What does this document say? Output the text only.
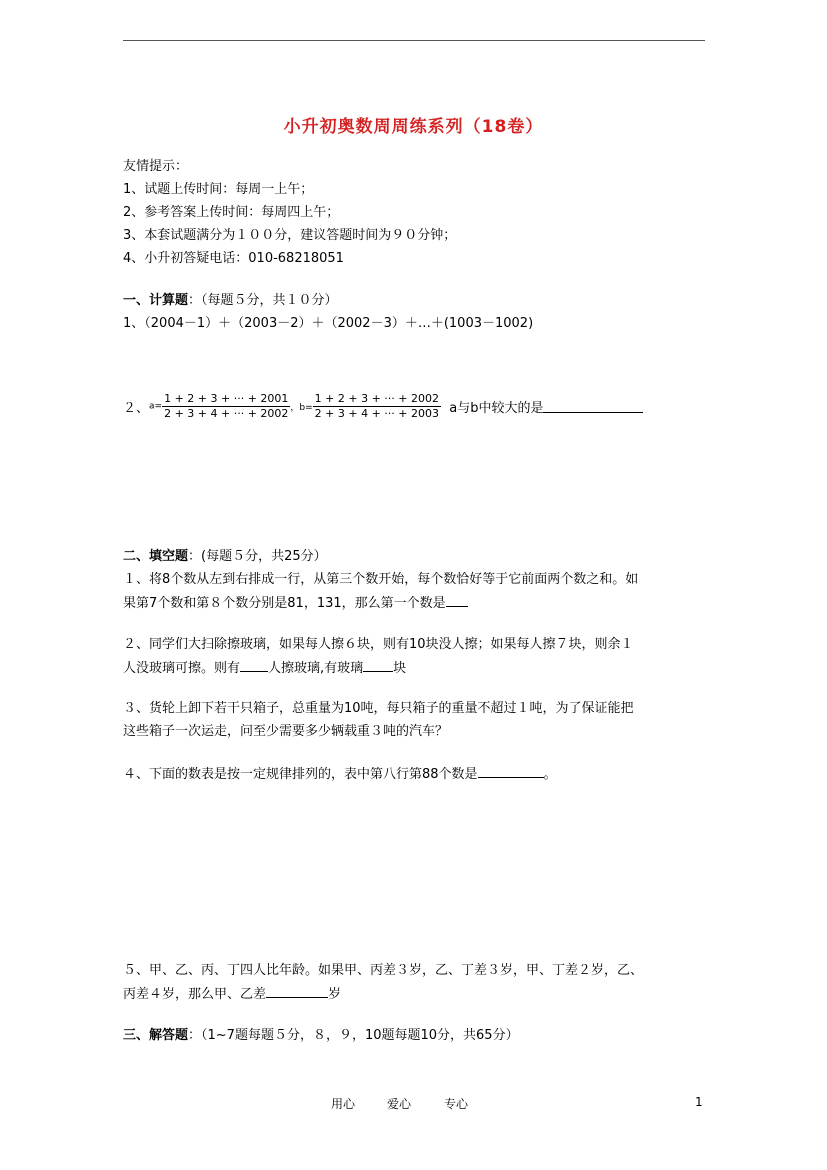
小升初奥数周周练系列（18卷）
友情提示：
1、试题上传时间：每周一上午；
2、参考答案上传时间：每周四上午；
3、本套试题满分为１００分，建议答题时间为９０分钟；
4、小升初答疑电话：010-68218051
一、计算题：（每题５分，共１０分）
1、（2004－1）＋（2003－2）＋（2002－3）＋…＋(1003－1002)
２、$a= \frac{1 + 2 + 3 + \cdot\cdot\cdot + 2001}{2 + 3 + 4 + \cdot\cdot\cdot + 2002}$ ，$b= \frac{1 + 2 + 3 + \cdot\cdot\cdot + 2002}{2 + 3 + 4 + \cdot\cdot\cdot + 2003}$ a与b中较大的是
二、填空题：(每题５分，共25分）
１、将8个数从左到右排成一行，从第三个数开始，每个数恰好等于它前面两个数之和。如
果第7个数和第８个数分别是81，131，那么第一个数是
２、同学们大扫除擦玻璃，如果每人擦６块，则有10块没人擦；如果每人擦７块，则余１
人没玻璃可擦。则有 人擦玻璃,有玻璃 块
３、货轮上卸下若干只箱子，总重量为10吨，每只箱子的重量不超过１吨，为了保证能把
这些箱子一次运走，问至少需要多少辆载重３吨的汽车？
４、下面的数表是按一定规律排列的，表中第八行第88个数是	。
５、甲、乙、丙、丁四人比年龄。如果甲、丙差３岁，乙、丁差３岁，甲、丁差２岁，乙、
丙差４岁，那么甲、乙差	岁
三、解答题：（1~7题每题５分，８，９，10题每题10分，共65分）
用心	爱心	专心	1
